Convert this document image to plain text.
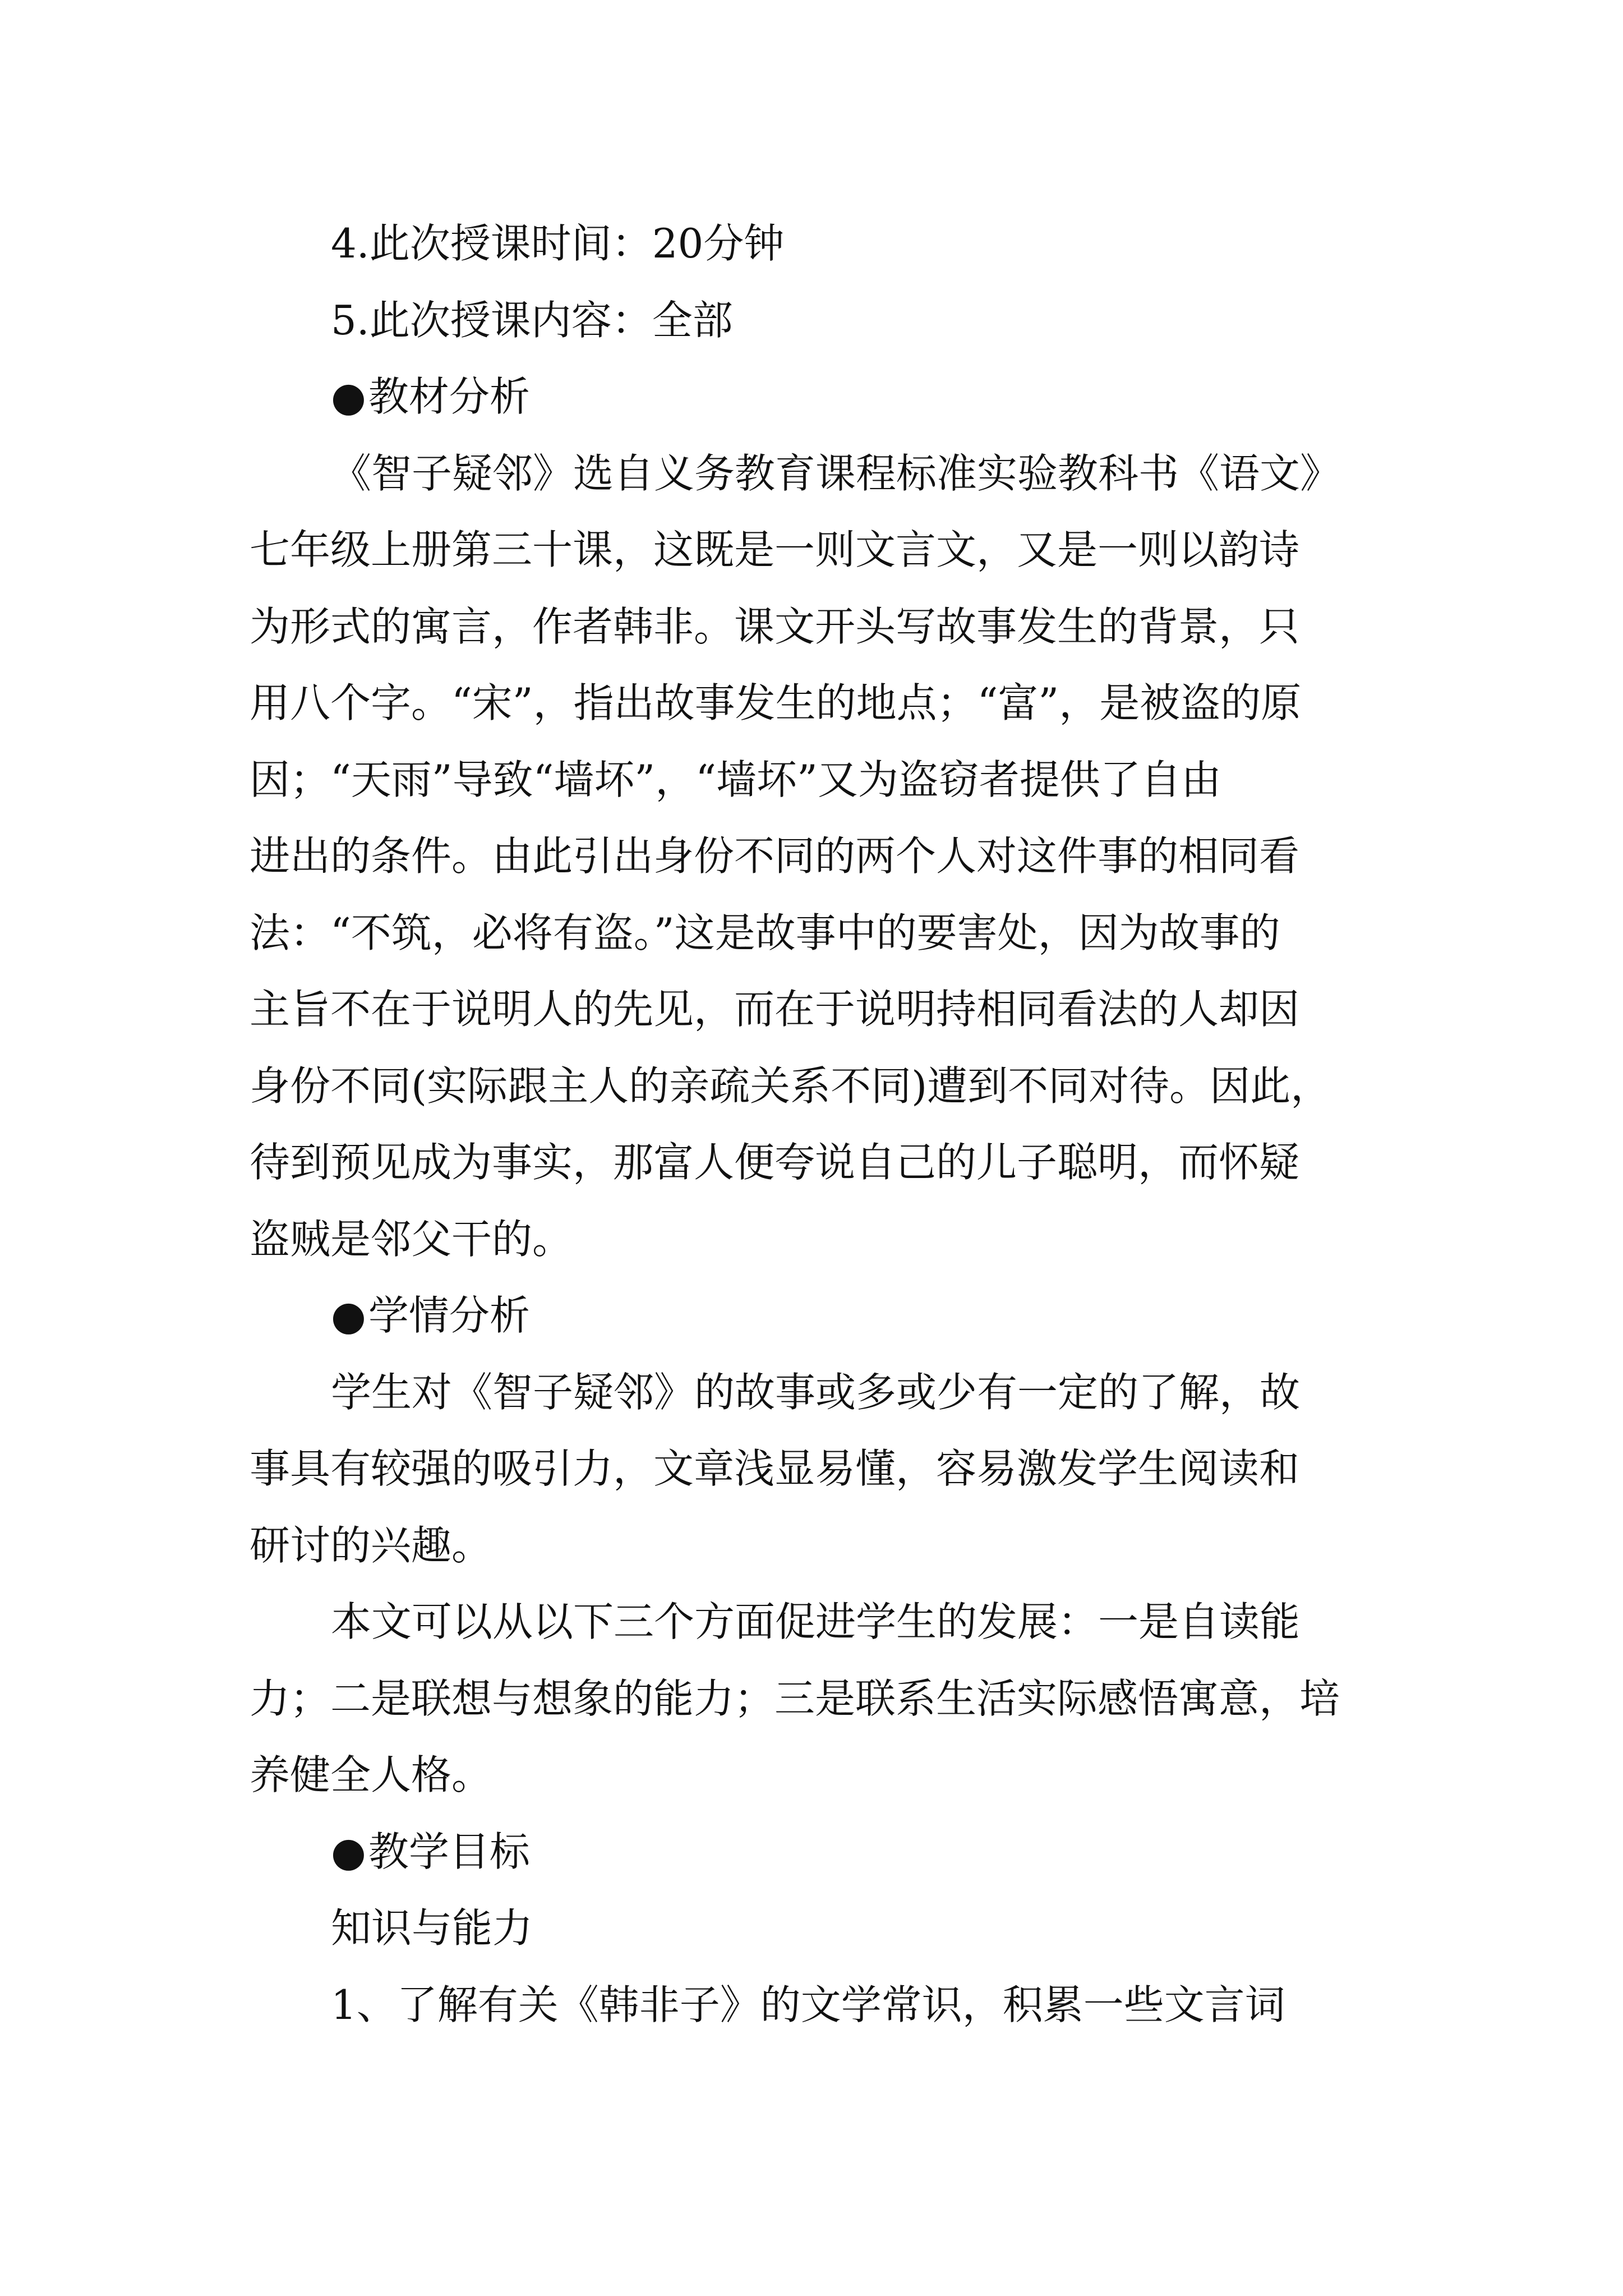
4.此次授课时间：20分钟
5.此次授课内容：全部
●教材分析
《智子疑邻》选自义务教育课程标准实验教科书《语文》
七年级上册第三十课，这既是一则文言文，又是一则以韵诗
为形式的寓言，作者韩非。课文开头写故事发生的背景，只
用八个字。“宋”，指出故事发生的地点；“富”，是被盗的原
因；“天雨”导致“墙坏”，“墙坏”又为盗窃者提供了自由
进出的条件。由此引出身份不同的两个人对这件事的相同看
法：“不筑，必将有盗。”这是故事中的要害处，因为故事的
主旨不在于说明人的先见，而在于说明持相同看法的人却因
身份不同(实际跟主人的亲疏关系不同)遭到不同对待。因此，
待到预见成为事实，那富人便夸说自己的儿子聪明，而怀疑
盗贼是邻父干的。
●学情分析
学生对《智子疑邻》的故事或多或少有一定的了解，故
事具有较强的吸引力，文章浅显易懂，容易激发学生阅读和
研讨的兴趣。
本文可以从以下三个方面促进学生的发展：一是自读能
力；二是联想与想象的能力；三是联系生活实际感悟寓意，培
养健全人格。
●教学目标
知识与能力
1、了解有关《韩非子》的文学常识，积累一些文言词
